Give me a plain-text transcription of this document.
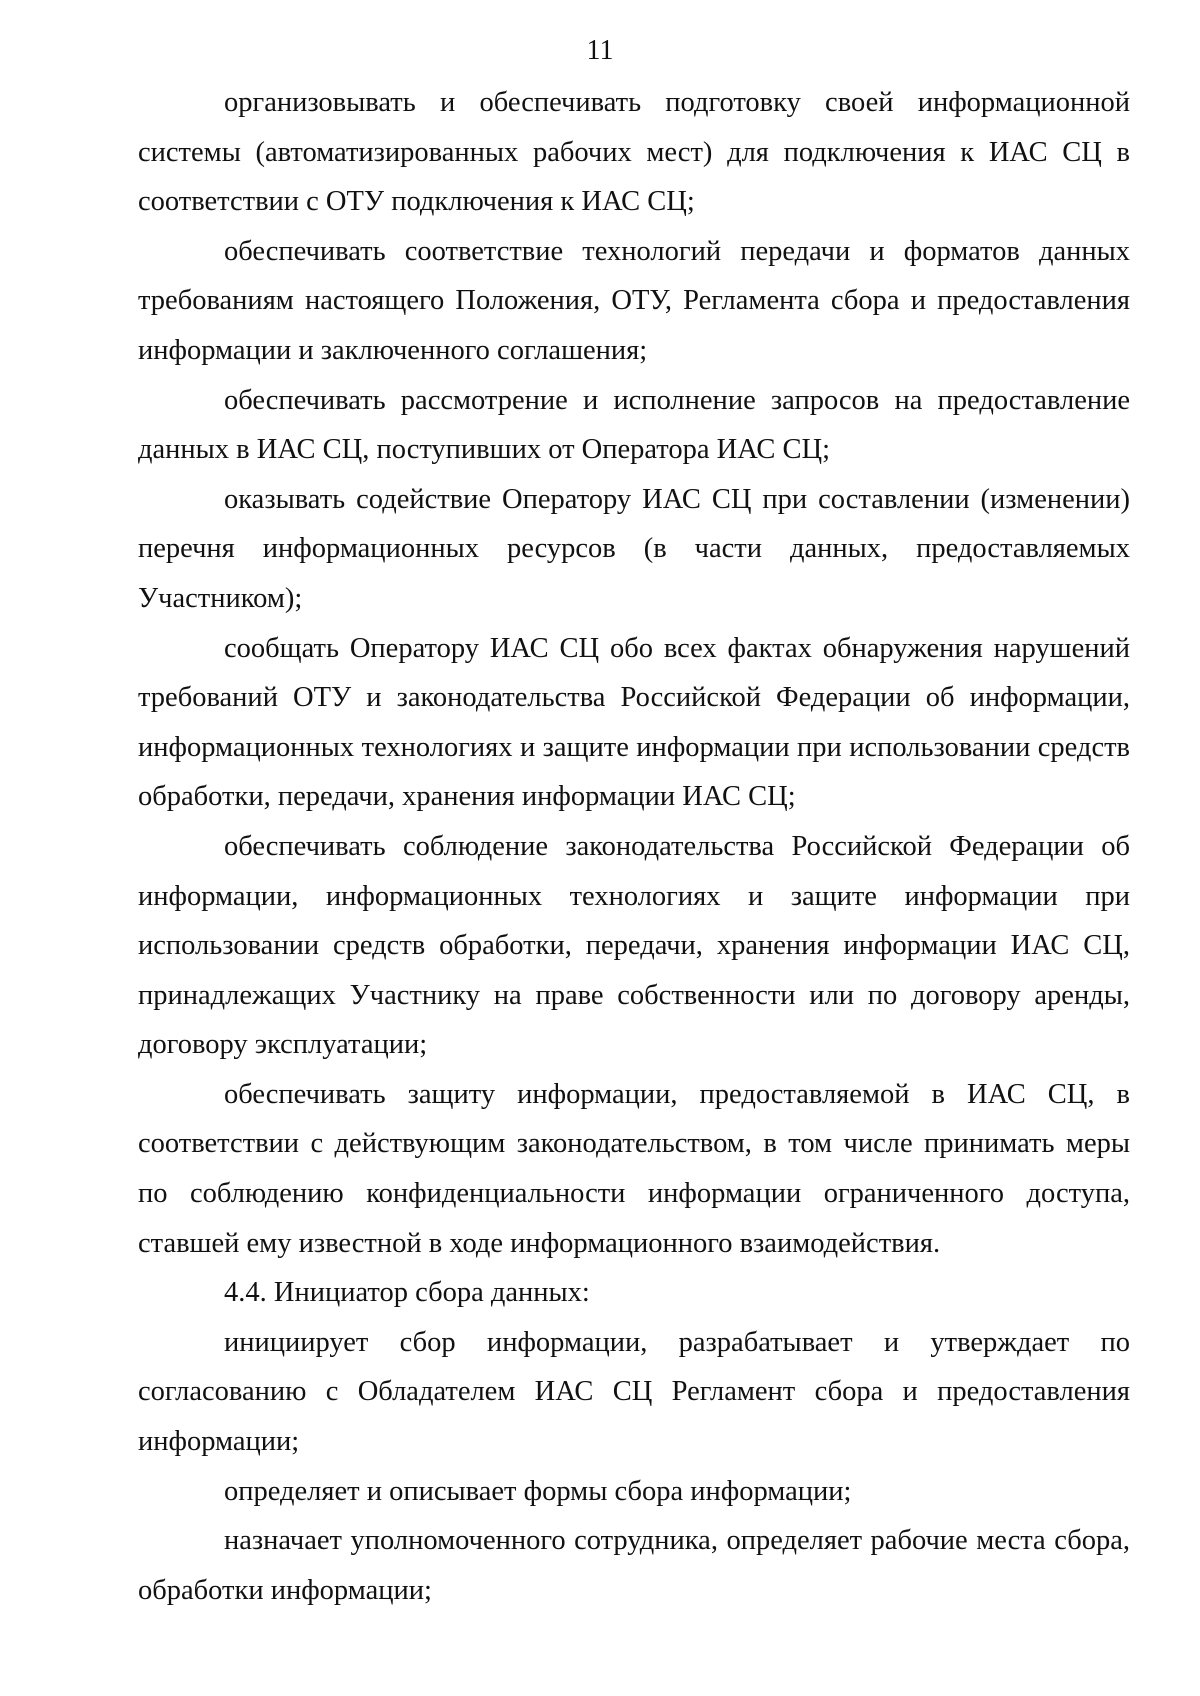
11

организовывать и обеспечивать подготовку своей информационной системы (автоматизированных рабочих мест) для подключения к ИАС СЦ в соответствии с ОТУ подключения к ИАС СЦ;

обеспечивать соответствие технологий передачи и форматов данных требованиям настоящего Положения, ОТУ, Регламента сбора и предоставления информации и заключенного соглашения;

обеспечивать рассмотрение и исполнение запросов на предоставление данных в ИАС СЦ, поступивших от Оператора ИАС СЦ;

оказывать содействие Оператору ИАС СЦ при составлении (изменении) перечня информационных ресурсов (в части данных, предоставляемых Участником);

сообщать Оператору ИАС СЦ обо всех фактах обнаружения нарушений требований ОТУ и законодательства Российской Федерации об информации, информационных технологиях и защите информации при использовании средств обработки, передачи, хранения информации ИАС СЦ;

обеспечивать соблюдение законодательства Российской Федерации об информации, информационных технологиях и защите информации при использовании средств обработки, передачи, хранения информации ИАС СЦ, принадлежащих Участнику на праве собственности или по договору аренды, договору эксплуатации;

обеспечивать защиту информации, предоставляемой в ИАС СЦ, в соответствии с действующим законодательством, в том числе принимать меры по соблюдению конфиденциальности информации ограниченного доступа, ставшей ему известной в ходе информационного взаимодействия.

4.4. Инициатор сбора данных:

инициирует сбор информации, разрабатывает и утверждает по согласованию с Обладателем ИАС СЦ Регламент сбора и предоставления информации;

определяет и описывает формы сбора информации;

назначает уполномоченного сотрудника, определяет рабочие места сбора, обработки информации;
